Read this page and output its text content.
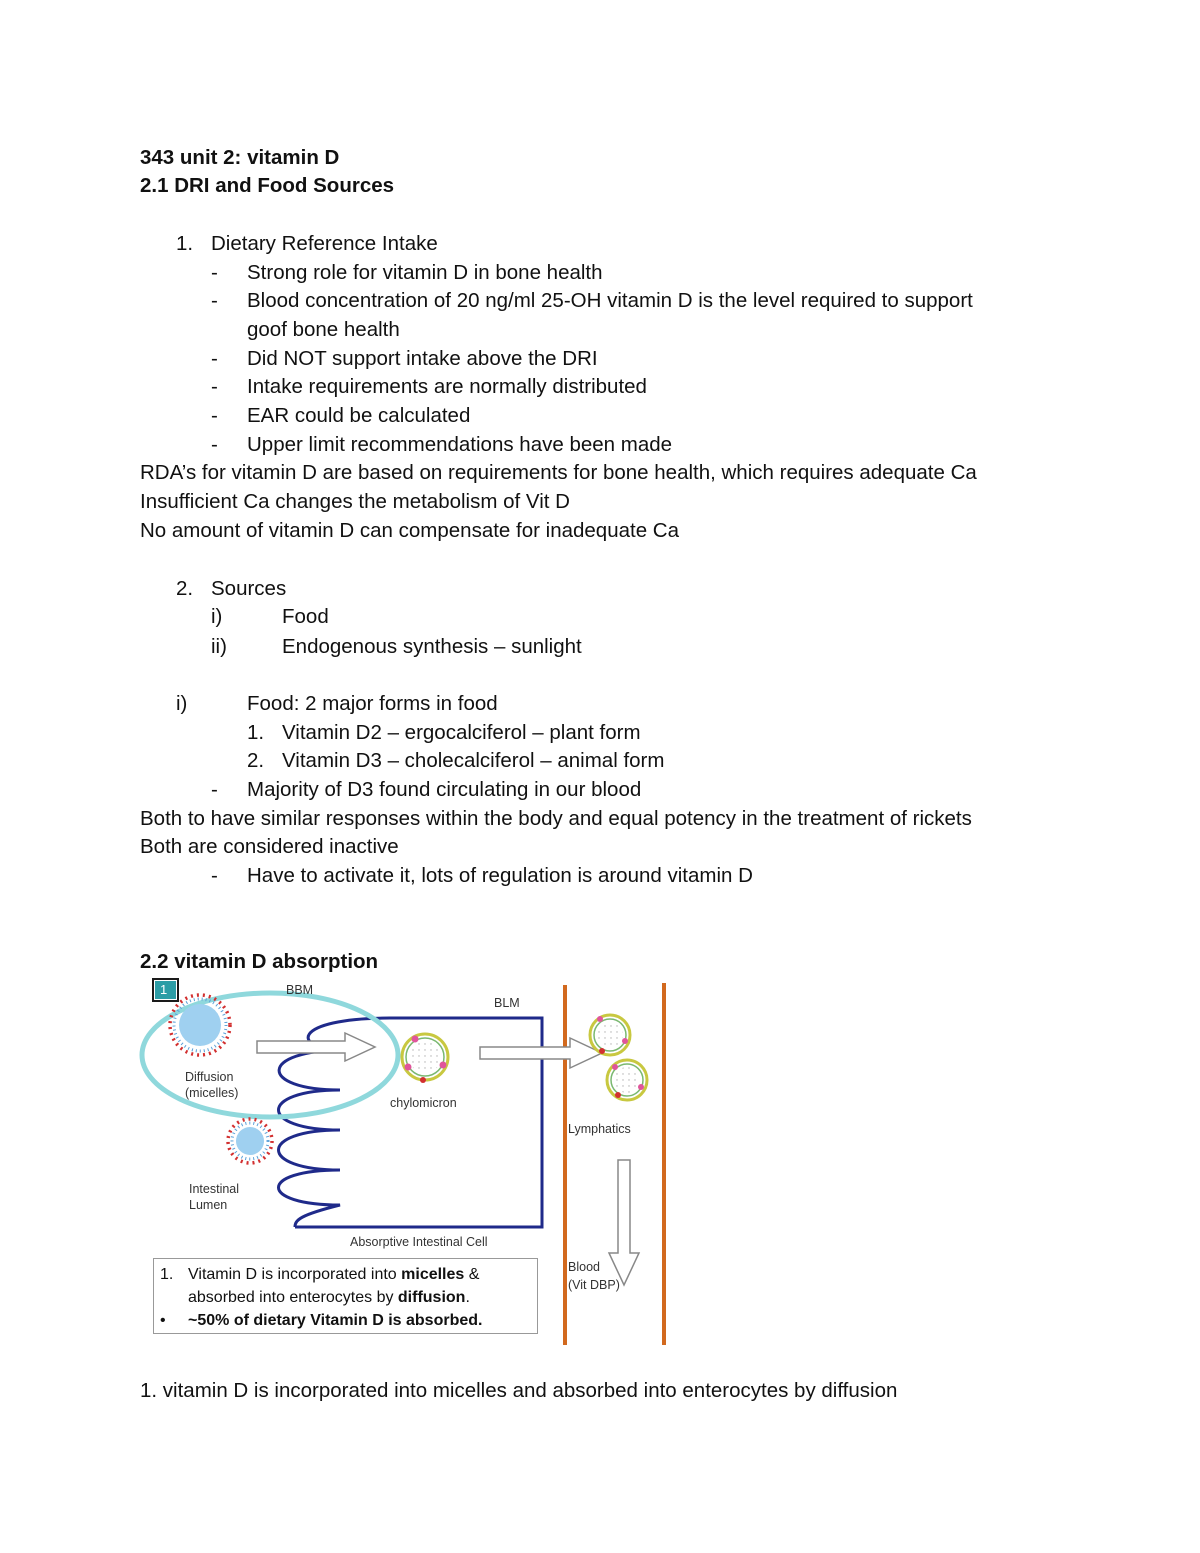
343 unit 2: vitamin D
2.1 DRI and Food Sources
1. Dietary Reference Intake
- Strong role for vitamin D in bone health
- Blood concentration of 20 ng/ml 25-OH vitamin D is the level required to support
goof bone health
- Did NOT support intake above the DRI
- Intake requirements are normally distributed
- EAR could be calculated
- Upper limit recommendations have been made
RDA’s for vitamin D are based on requirements for bone health, which requires adequate Ca
Insufficient Ca changes the metabolism of Vit D
No amount of vitamin D can compensate for inadequate Ca
2. Sources
i)	Food
ii)	Endogenous synthesis – sunlight
i)	Food: 2 major forms in food
1. Vitamin D2 – ergocalciferol – plant form
2. Vitamin D3 – cholecalciferol – animal form
- Majority of D3 found circulating in our blood
Both to have similar responses within the body and equal potency in the treatment of rickets
Both are considered inactive
- Have to activate it, lots of regulation is around vitamin D
2.2 vitamin D absorption
1	BBM
BLM
Diffusion
(micelles)
chylomicron
Lymphatics
Intestinal
Lumen
Absorptive Intestinal Cell
Blood
(Vit DBP)
1. Vitamin D is incorporated into micelles &
absorbed into enterocytes by diffusion.
• ~50% of dietary Vitamin D is absorbed.
1. vitamin D is incorporated into micelles and absorbed into enterocytes by diffusion
